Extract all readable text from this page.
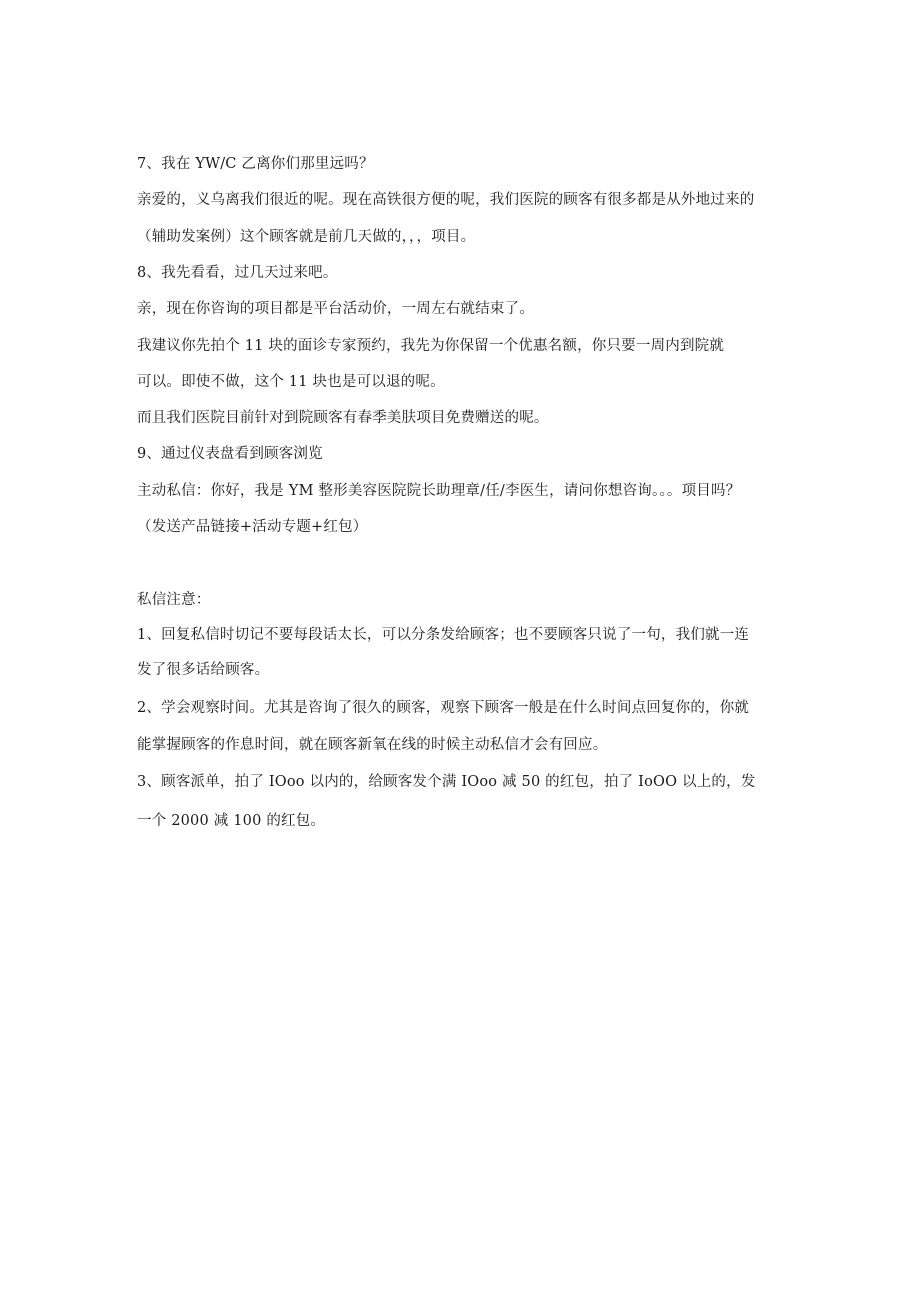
7、我在 YW/C 乙离你们那里远吗？
亲爱的，义乌离我们很近的呢。现在高铁很方便的呢，我们医院的顾客有很多都是从外地过来的
（辅助发案例）这个顾客就是前几天做的，，，项目。
8、我先看看，过几天过来吧。
亲，现在你咨询的项目都是平台活动价，一周左右就结束了。
我建议你先拍个 11 块的面诊专家预约，我先为你保留一个优惠名额，你只要一周内到院就
可以。即使不做，这个 11 块也是可以退的呢。
而且我们医院目前针对到院顾客有春季美肤项目免费赠送的呢。
9、通过仪表盘看到顾客浏览
主动私信：你好，我是 YM 整形美容医院院长助理章/任/李医生，请问你想咨询。。。项目吗？
（发送产品链接+活动专题+红包）
私信注意：
1、回复私信时切记不要每段话太长，可以分条发给顾客；也不要顾客只说了一句，我们就一连
发了很多话给顾客。
2、学会观察时间。尤其是咨询了很久的顾客，观察下顾客一般是在什么时间点回复你的，你就
能掌握顾客的作息时间，就在顾客新氧在线的时候主动私信才会有回应。
3、顾客派单，拍了 IOoo 以内的，给顾客发个满 IOoo 减 50 的红包，拍了 IoOO 以上的，发
一个 2000 减 100 的红包。
